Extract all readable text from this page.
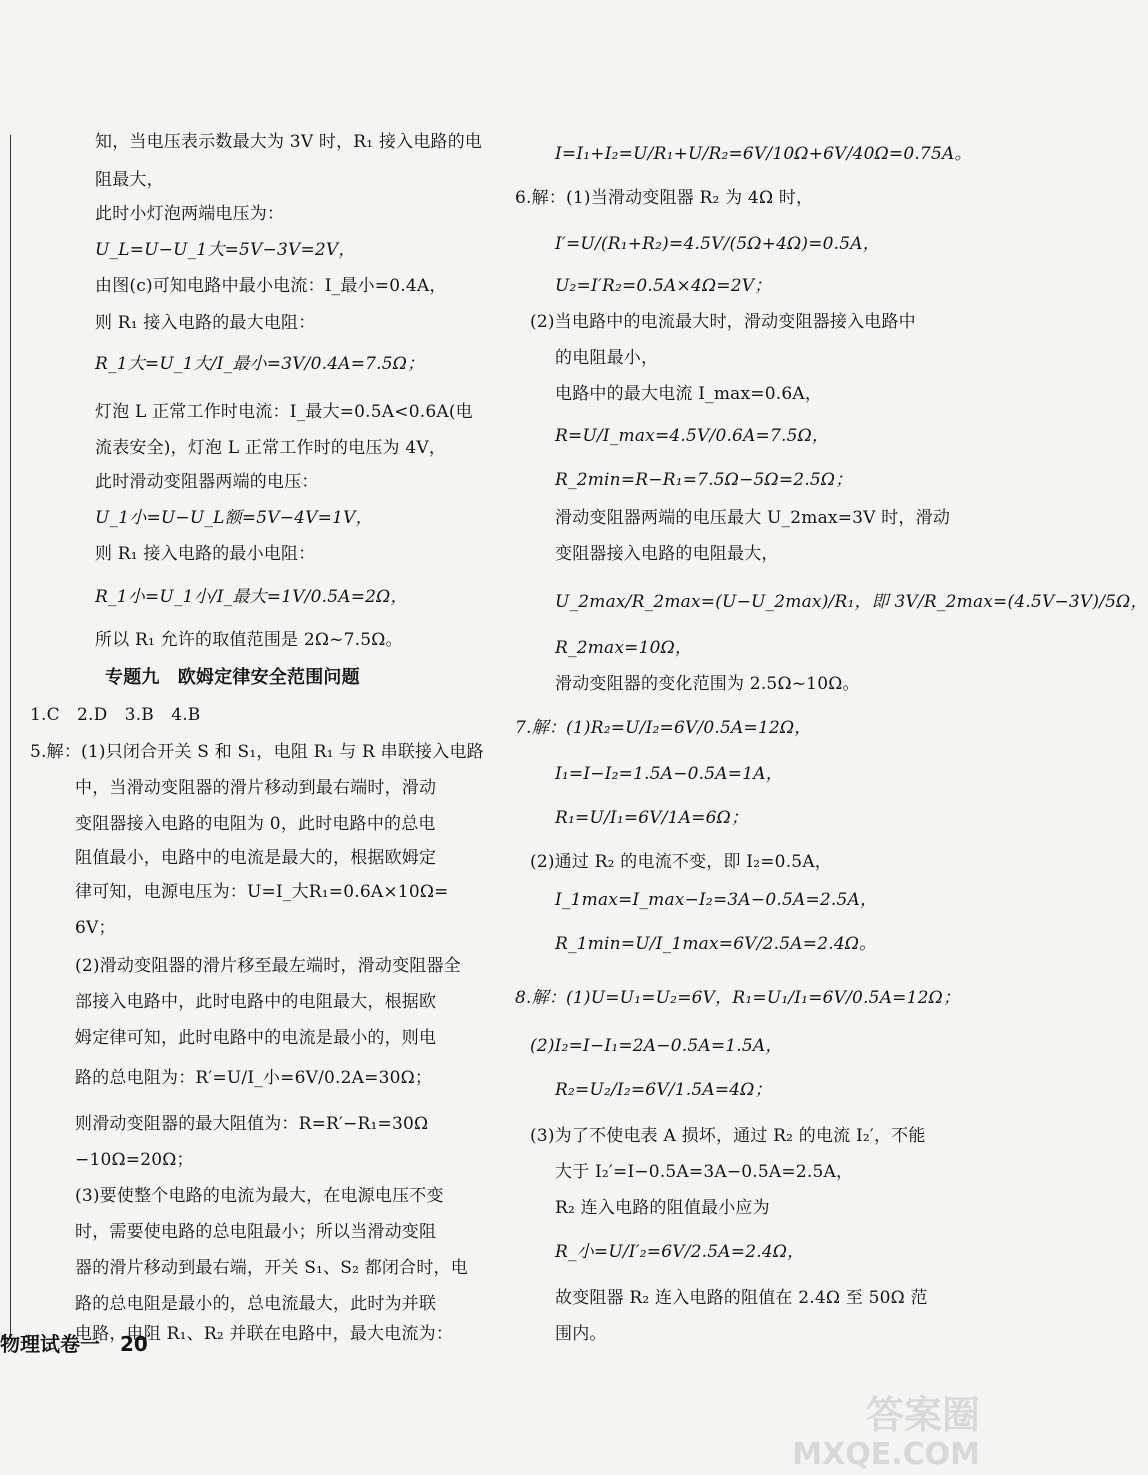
知，当电压表示数最大为 3V 时，R₁ 接入电路的电

阻最大，

此时小灯泡两端电压为：

U_L=U−U_1大=5V−3V=2V，

由图(c)可知电路中最小电流：I_最小=0.4A，

则 R₁ 接入电路的最大电阻：

R_1大=U_1大/I_最小=3V/0.4A=7.5Ω；

灯泡 L 正常工作时电流：I_最大=0.5A<0.6A(电

流表安全)，灯泡 L 正常工作时的电压为 4V，

此时滑动变阻器两端的电压：

U_1小=U−U_L额=5V−4V=1V，

则 R₁ 接入电路的最小电阻：

R_1小=U_1小/I_最大=1V/0.5A=2Ω，

所以 R₁ 允许的取值范围是 2Ω~7.5Ω。

专题九　欧姆定律安全范围问题

1.C　2.D　3.B　4.B

5.解：(1)只闭合开关 S 和 S₁，电阻 R₁ 与 R 串联接入电路

中，当滑动变阻器的滑片移动到最右端时，滑动

变阻器接入电路的电阻为 0，此时电路中的总电

阻值最小，电路中的电流是最大的，根据欧姆定

律可知，电源电压为：U=I_大R₁=0.6A×10Ω=

6V；

(2)滑动变阻器的滑片移至最左端时，滑动变阻器全

部接入电路中，此时电路中的电阻最大，根据欧

姆定律可知，此时电路中的电流是最小的，则电

路的总电阻为：R′=U/I_小=6V/0.2A=30Ω；

则滑动变阻器的最大阻值为：R=R′−R₁=30Ω

−10Ω=20Ω；

(3)要使整个电路的电流为最大，在电源电压不变

时，需要使电路的总电阻最小；所以当滑动变阻

器的滑片移动到最右端，开关 S₁、S₂ 都闭合时，电

路的总电阻是最小的，总电流最大，此时为并联

电路，电阻 R₁、R₂ 并联在电路中，最大电流为：

I=I₁+I₂=U/R₁+U/R₂=6V/10Ω+6V/40Ω=0.75A。

6.解：(1)当滑动变阻器 R₂ 为 4Ω 时，

I′=U/(R₁+R₂)=4.5V/(5Ω+4Ω)=0.5A，

U₂=I′R₂=0.5A×4Ω=2V；

(2)当电路中的电流最大时，滑动变阻器接入电路中

的电阻最小，

电路中的最大电流 I_max=0.6A，

R=U/I_max=4.5V/0.6A=7.5Ω，

R_2min=R−R₁=7.5Ω−5Ω=2.5Ω；

滑动变阻器两端的电压最大 U_2max=3V 时，滑动

变阻器接入电路的电阻最大，

U_2max/R_2max=(U−U_2max)/R₁，即 3V/R_2max=(4.5V−3V)/5Ω，

R_2max=10Ω，

滑动变阻器的变化范围为 2.5Ω~10Ω。

7.解：(1)R₂=U/I₂=6V/0.5A=12Ω，

I₁=I−I₂=1.5A−0.5A=1A，

R₁=U/I₁=6V/1A=6Ω；

(2)通过 R₂ 的电流不变，即 I₂=0.5A，

I_1max=I_max−I₂=3A−0.5A=2.5A，

R_1min=U/I_1max=6V/2.5A=2.4Ω。

8.解：(1)U=U₁=U₂=6V，R₁=U₁/I₁=6V/0.5A=12Ω；

(2)I₂=I−I₁=2A−0.5A=1.5A，

R₂=U₂/I₂=6V/1.5A=4Ω；

(3)为了不使电表 A 损坏，通过 R₂ 的电流 I₂′，不能

大于 I₂′=I−0.5A=3A−0.5A=2.5A，

R₂ 连入电路的阻值最小应为

R_小=U/I′₂=6V/2.5A=2.4Ω，

故变阻器 R₂ 连入电路的阻值在 2.4Ω 至 50Ω 范

围内。

物理试卷一　20
答案圈
MXQE.COM
